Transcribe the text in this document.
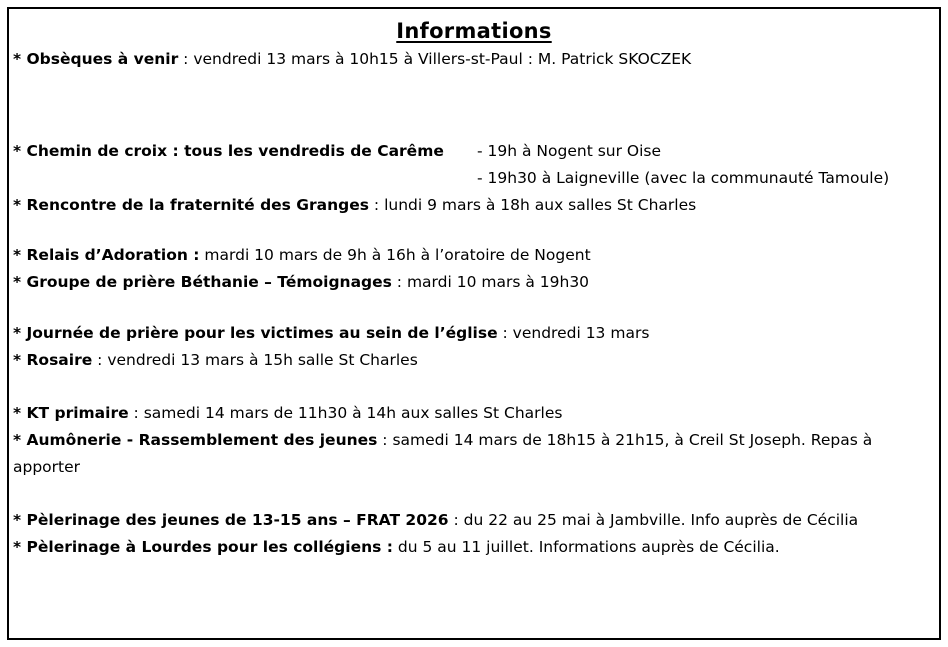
Informations

* Obsèques à venir : vendredi 13 mars à 10h15 à Villers-st-Paul : M. Patrick SKOCZEK

* Chemin de croix : tous les vendredis de Carême	- 19h à Nogent sur Oise

- 19h30 à Laigneville (avec la communauté Tamoule)

* Rencontre de la fraternité des Granges : lundi 9 mars à 18h aux salles St Charles

* Relais d’Adoration : mardi 10 mars de 9h à 16h à l’oratoire de Nogent

* Groupe de prière Béthanie – Témoignages : mardi 10 mars à 19h30

* Journée de prière pour les victimes au sein de l’église : vendredi 13 mars

* Rosaire : vendredi 13 mars à 15h salle St Charles

* KT primaire : samedi 14 mars de 11h30 à 14h aux salles St Charles

* Aumônerie - Rassemblement des jeunes : samedi 14 mars de 18h15 à 21h15, à Creil St Joseph. Repas à
apporter

* Pèlerinage des jeunes de 13-15 ans – FRAT 2026 : du 22 au 25 mai à Jambville. Info auprès de Cécilia

* Pèlerinage à Lourdes pour les collégiens : du 5 au 11 juillet. Informations auprès de Cécilia.
